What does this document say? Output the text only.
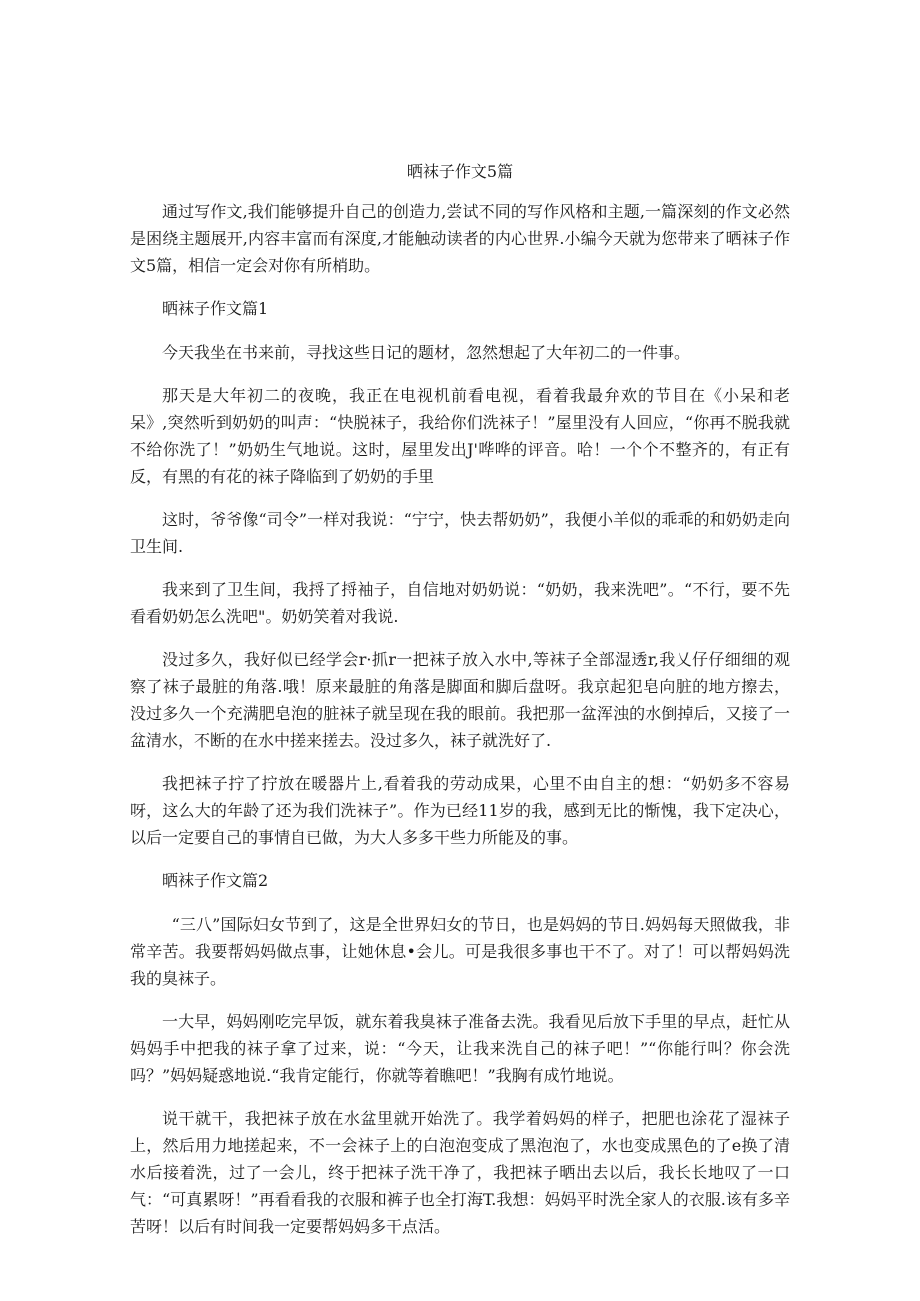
晒袜子作文5篇

通过写作文,我们能够提升自己的创造力,尝试不同的写作风格和主题,一篇深刻的作文必然是困绕主题展开,内容丰富而有深度,才能触动读者的内心世界.小编今天就为您带来了晒袜子作文5篇，相信一定会对你有所梢助。

晒袜子作文篇1

今天我坐在书来前，寻找这些日记的题材，忽然想起了大年初二的一件事。

那天是大年初二的夜晚，我正在电视机前看电视，看着我最弁欢的节目在《小呆和老呆》,突然听到奶奶的叫声：“快脱袜子，我给你们洗袜子！”屋里没有人回应，“你再不脱我就不给你洗了！”奶奶生气地说。这时，屋里发出J'哗哗的评音。哈！一个个不整齐的，有正有反，有黑的有花的袜子降临到了奶奶的手里

这时，爷爷像“司令”一样对我说：“宁宁，快去帮奶奶”，我便小羊似的乖乖的和奶奶走向卫生间.

我来到了卫生间，我捋了捋袖子，自信地对奶奶说：“奶奶，我来洗吧”。“不行，要不先看看奶奶怎么洗吧"。奶奶笑着对我说.

没过多久，我好似已经学会r·抓r一把袜子放入水中,等袜子全部湿透r,我乂仔仔细细的观察了袜子最脏的角落.哦！原来最脏的角落是脚面和脚后盘呀。我京起犯皂向脏的地方擦去，没过多久一个充满肥皂泡的脏袜子就呈现在我的眼前。我把那一盆浑浊的水倒掉后，又接了一盆清水，不断的在水中搓来搓去。没过多久，袜子就洗好了.

我把袜子拧了拧放在暖器片上,看着我的劳动成果，心里不由自主的想：“奶奶多不容易呀，这么大的年龄了还为我们洗袜子”。作为已经11岁的我，感到无比的惭愧，我下定决心，以后一定要自己的事情自已做，为大人多多干些力所能及的事。

晒袜子作文篇2

“三八”国际妇女节到了，这是全世界妇女的节日，也是妈妈的节日.妈妈每天照做我，非常辛苦。我要帮妈妈做点事，让她休息•会儿。可是我很多事也干不了。对了！可以帮妈妈洗我的臭袜子。

一大早，妈妈刚吃完早饭，就东着我臭袜子准备去洗。我看见后放下手里的早点，赶忙从妈妈手中把我的袜子拿了过来，说：“今天，让我来洗自己的袜子吧！”“你能行叫？你会洗吗？”妈妈疑惑地说.“我肯定能行，你就等着瞧吧！”我胸有成竹地说。

说干就干，我把袜子放在水盆里就开始洗了。我学着妈妈的样子，把肥也涂花了湿袜子上，然后用力地搓起来，不一会袜子上的白泡泡变成了黑泡泡了，水也变成黑色的了e换了清水后接着洗，过了一会儿，终于把袜子洗干净了，我把袜子晒出去以后，我长长地叹了一口气：“可真累呀！”再看看我的衣服和裤子也全打海T.我想：妈妈平时洗全家人的衣服.该有多辛苦呀！以后有时间我一定要帮妈妈多干点活。
